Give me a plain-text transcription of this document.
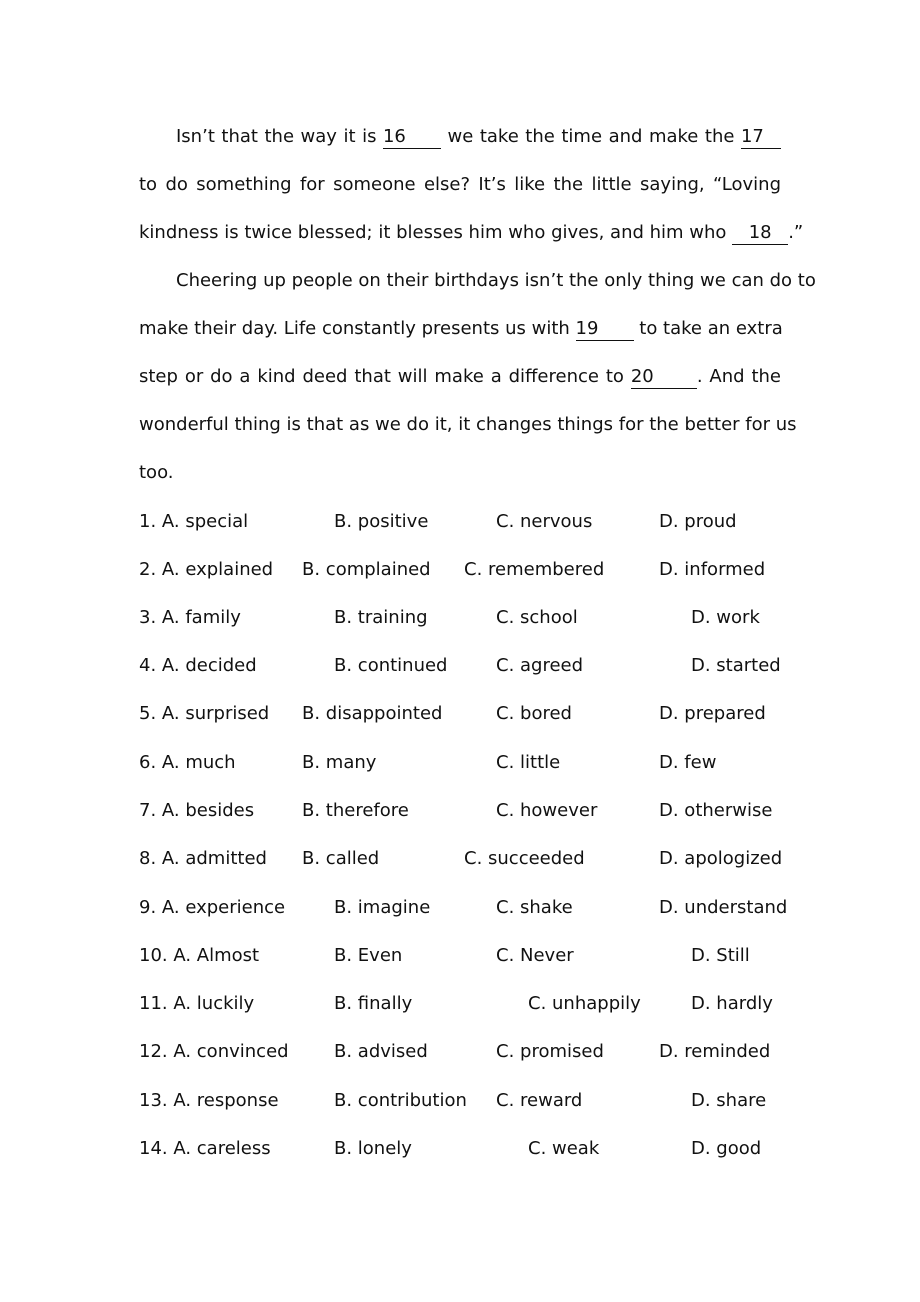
Isn’t that the way it is 16 we take the time and make the 17
to do something for someone else? It’s like the little saying, “Loving
kindness is twice blessed; it blesses him who gives, and him who 18 .”
Cheering up people on their birthdays isn’t the only thing we can do to
make their day. Life constantly presents us with 19 to take an extra
step or do a kind deed that will make a difference to 20 . And the
wonderful thing is that as we do it, it changes things for the better for us
too.
1. A. special	B. positive	C. nervous	D. proud
2. A. explained B. complained C. remembered	D. informed
3. A. family	B. training	C. school	D. work
4. A. decided	B. continued	C. agreed	D. started
5. A. surprised B. disappointed	C. bored	D. prepared
6. A. much	B. many	C. little	D. few
7. A. besides	B. therefore	C. however	D. otherwise
8. A. admitted B. called	C. succeeded	D. apologized
9. A. experience	B. imagine	C. shake	D. understand
10. A. Almost	B. Even	C. Never	D. Still
11. A. luckily	B. finally	C. unhappily	D. hardly
12. A. convinced	B. advised	C. promised	D. reminded
13. A. response	B. contribution C. reward	D. share
14. A. careless	B. lonely	C. weak	D. good
